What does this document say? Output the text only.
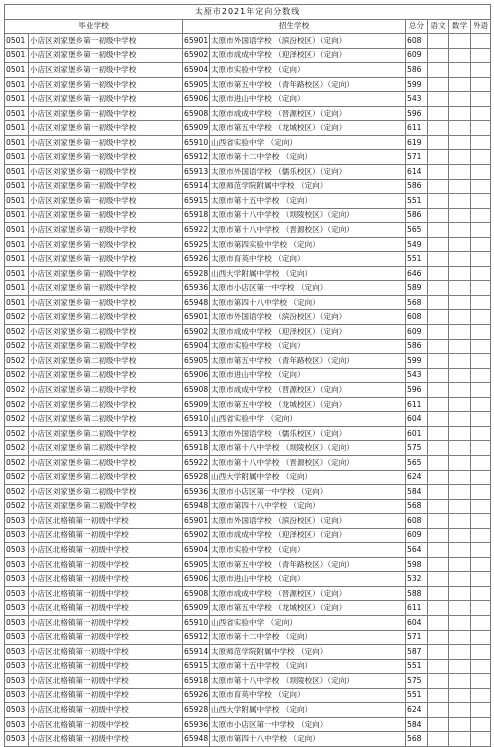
太原市2021年定向分数线							
毕业学校		招生学校		总分	语文	数学	外语
0501	小店区刘家堡乡第一初级中学校	65901	太原市外国语学校 （滨汾校区）（定向）	608			
0501	小店区刘家堡乡第一初级中学校	65902	太原市成成中学校 （迎泽校区）（定向）	609			
0501	小店区刘家堡乡第一初级中学校	65904	太原市实验中学校 （定向）	586			
0501	小店区刘家堡乡第一初级中学校	65905	太原市第五中学校 （青年路校区）（定向）	599			
0501	小店区刘家堡乡第一初级中学校	65906	太原市进山中学校 （定向）	543			
0501	小店区刘家堡乡第一初级中学校	65908	太原市成成中学校 （晋源校区）（定向）	596			
0501	小店区刘家堡乡第一初级中学校	65909	太原市第五中学校 （龙城校区）（定向）	611			
0501	小店区刘家堡乡第一初级中学校	65910	山西省实验中学 （定向）	619			
0501	小店区刘家堡乡第一初级中学校	65912	太原市第十二中学校 （定向）	571			
0501	小店区刘家堡乡第一初级中学校	65913	太原市外国语学校 （儒乐校区）（定向）	614			
0501	小店区刘家堡乡第一初级中学校	65914	太原师范学院附属中学校 （定向）	586			
0501	小店区刘家堡乡第一初级中学校	65915	太原市第十五中学校 （定向）	551			
0501	小店区刘家堡乡第一初级中学校	65918	太原市第十八中学校 （坝陵校区）（定向）	586			
0501	小店区刘家堡乡第一初级中学校	65922	太原市第十八中学校 （晋源校区）（定向）	565			
0501	小店区刘家堡乡第一初级中学校	65925	太原市第四实验中学校 （定向）	549			
0501	小店区刘家堡乡第一初级中学校	65926	太原市育英中学校 （定向）	551			
0501	小店区刘家堡乡第一初级中学校	65928	山西大学附属中学校 （定向）	646			
0501	小店区刘家堡乡第一初级中学校	65936	太原市小店区第一中学校 （定向）	589			
0501	小店区刘家堡乡第一初级中学校	65948	太原市第四十八中学校 （定向）	568			
0502	小店区刘家堡乡第二初级中学校	65901	太原市外国语学校 （滨汾校区）（定向）	608			
0502	小店区刘家堡乡第二初级中学校	65902	太原市成成中学校 （迎泽校区）（定向）	609			
0502	小店区刘家堡乡第二初级中学校	65904	太原市实验中学校 （定向）	586			
0502	小店区刘家堡乡第二初级中学校	65905	太原市第五中学校 （青年路校区）（定向）	599			
0502	小店区刘家堡乡第二初级中学校	65906	太原市进山中学校 （定向）	543			
0502	小店区刘家堡乡第二初级中学校	65908	太原市成成中学校 （晋源校区）（定向）	596			
0502	小店区刘家堡乡第二初级中学校	65909	太原市第五中学校 （龙城校区）（定向）	611			
0502	小店区刘家堡乡第二初级中学校	65910	山西省实验中学 （定向）	604			
0502	小店区刘家堡乡第二初级中学校	65913	太原市外国语学校 （儒乐校区）（定向）	601			
0502	小店区刘家堡乡第二初级中学校	65918	太原市第十八中学校 （坝陵校区）（定向）	575			
0502	小店区刘家堡乡第二初级中学校	65922	太原市第十八中学校 （晋源校区）（定向）	565			
0502	小店区刘家堡乡第二初级中学校	65928	山西大学附属中学校 （定向）	624			
0502	小店区刘家堡乡第二初级中学校	65936	太原市小店区第一中学校 （定向）	584			
0502	小店区刘家堡乡第二初级中学校	65948	太原市第四十八中学校 （定向）	568			
0503	小店区北格镇第一初级中学校	65901	太原市外国语学校 （滨汾校区）（定向）	608			
0503	小店区北格镇第一初级中学校	65902	太原市成成中学校 （迎泽校区）（定向）	609			
0503	小店区北格镇第一初级中学校	65904	太原市实验中学校 （定向）	564			
0503	小店区北格镇第一初级中学校	65905	太原市第五中学校 （青年路校区）（定向）	598			
0503	小店区北格镇第一初级中学校	65906	太原市进山中学校 （定向）	532			
0503	小店区北格镇第一初级中学校	65908	太原市成成中学校 （晋源校区）（定向）	588			
0503	小店区北格镇第一初级中学校	65909	太原市第五中学校 （龙城校区）（定向）	611			
0503	小店区北格镇第一初级中学校	65910	山西省实验中学 （定向）	604			
0503	小店区北格镇第一初级中学校	65912	太原市第十二中学校 （定向）	571			
0503	小店区北格镇第一初级中学校	65914	太原师范学院附属中学校 （定向）	587			
0503	小店区北格镇第一初级中学校	65915	太原市第十五中学校 （定向）	551			
0503	小店区北格镇第一初级中学校	65918	太原市第十八中学校 （坝陵校区）（定向）	575			
0503	小店区北格镇第一初级中学校	65926	太原市育英中学校 （定向）	551			
0503	小店区北格镇第一初级中学校	65928	山西大学附属中学校 （定向）	624			
0503	小店区北格镇第一初级中学校	65936	太原市小店区第一中学校 （定向）	584			
0503	小店区北格镇第一初级中学校	65948	太原市第四十八中学校 （定向）	568			
